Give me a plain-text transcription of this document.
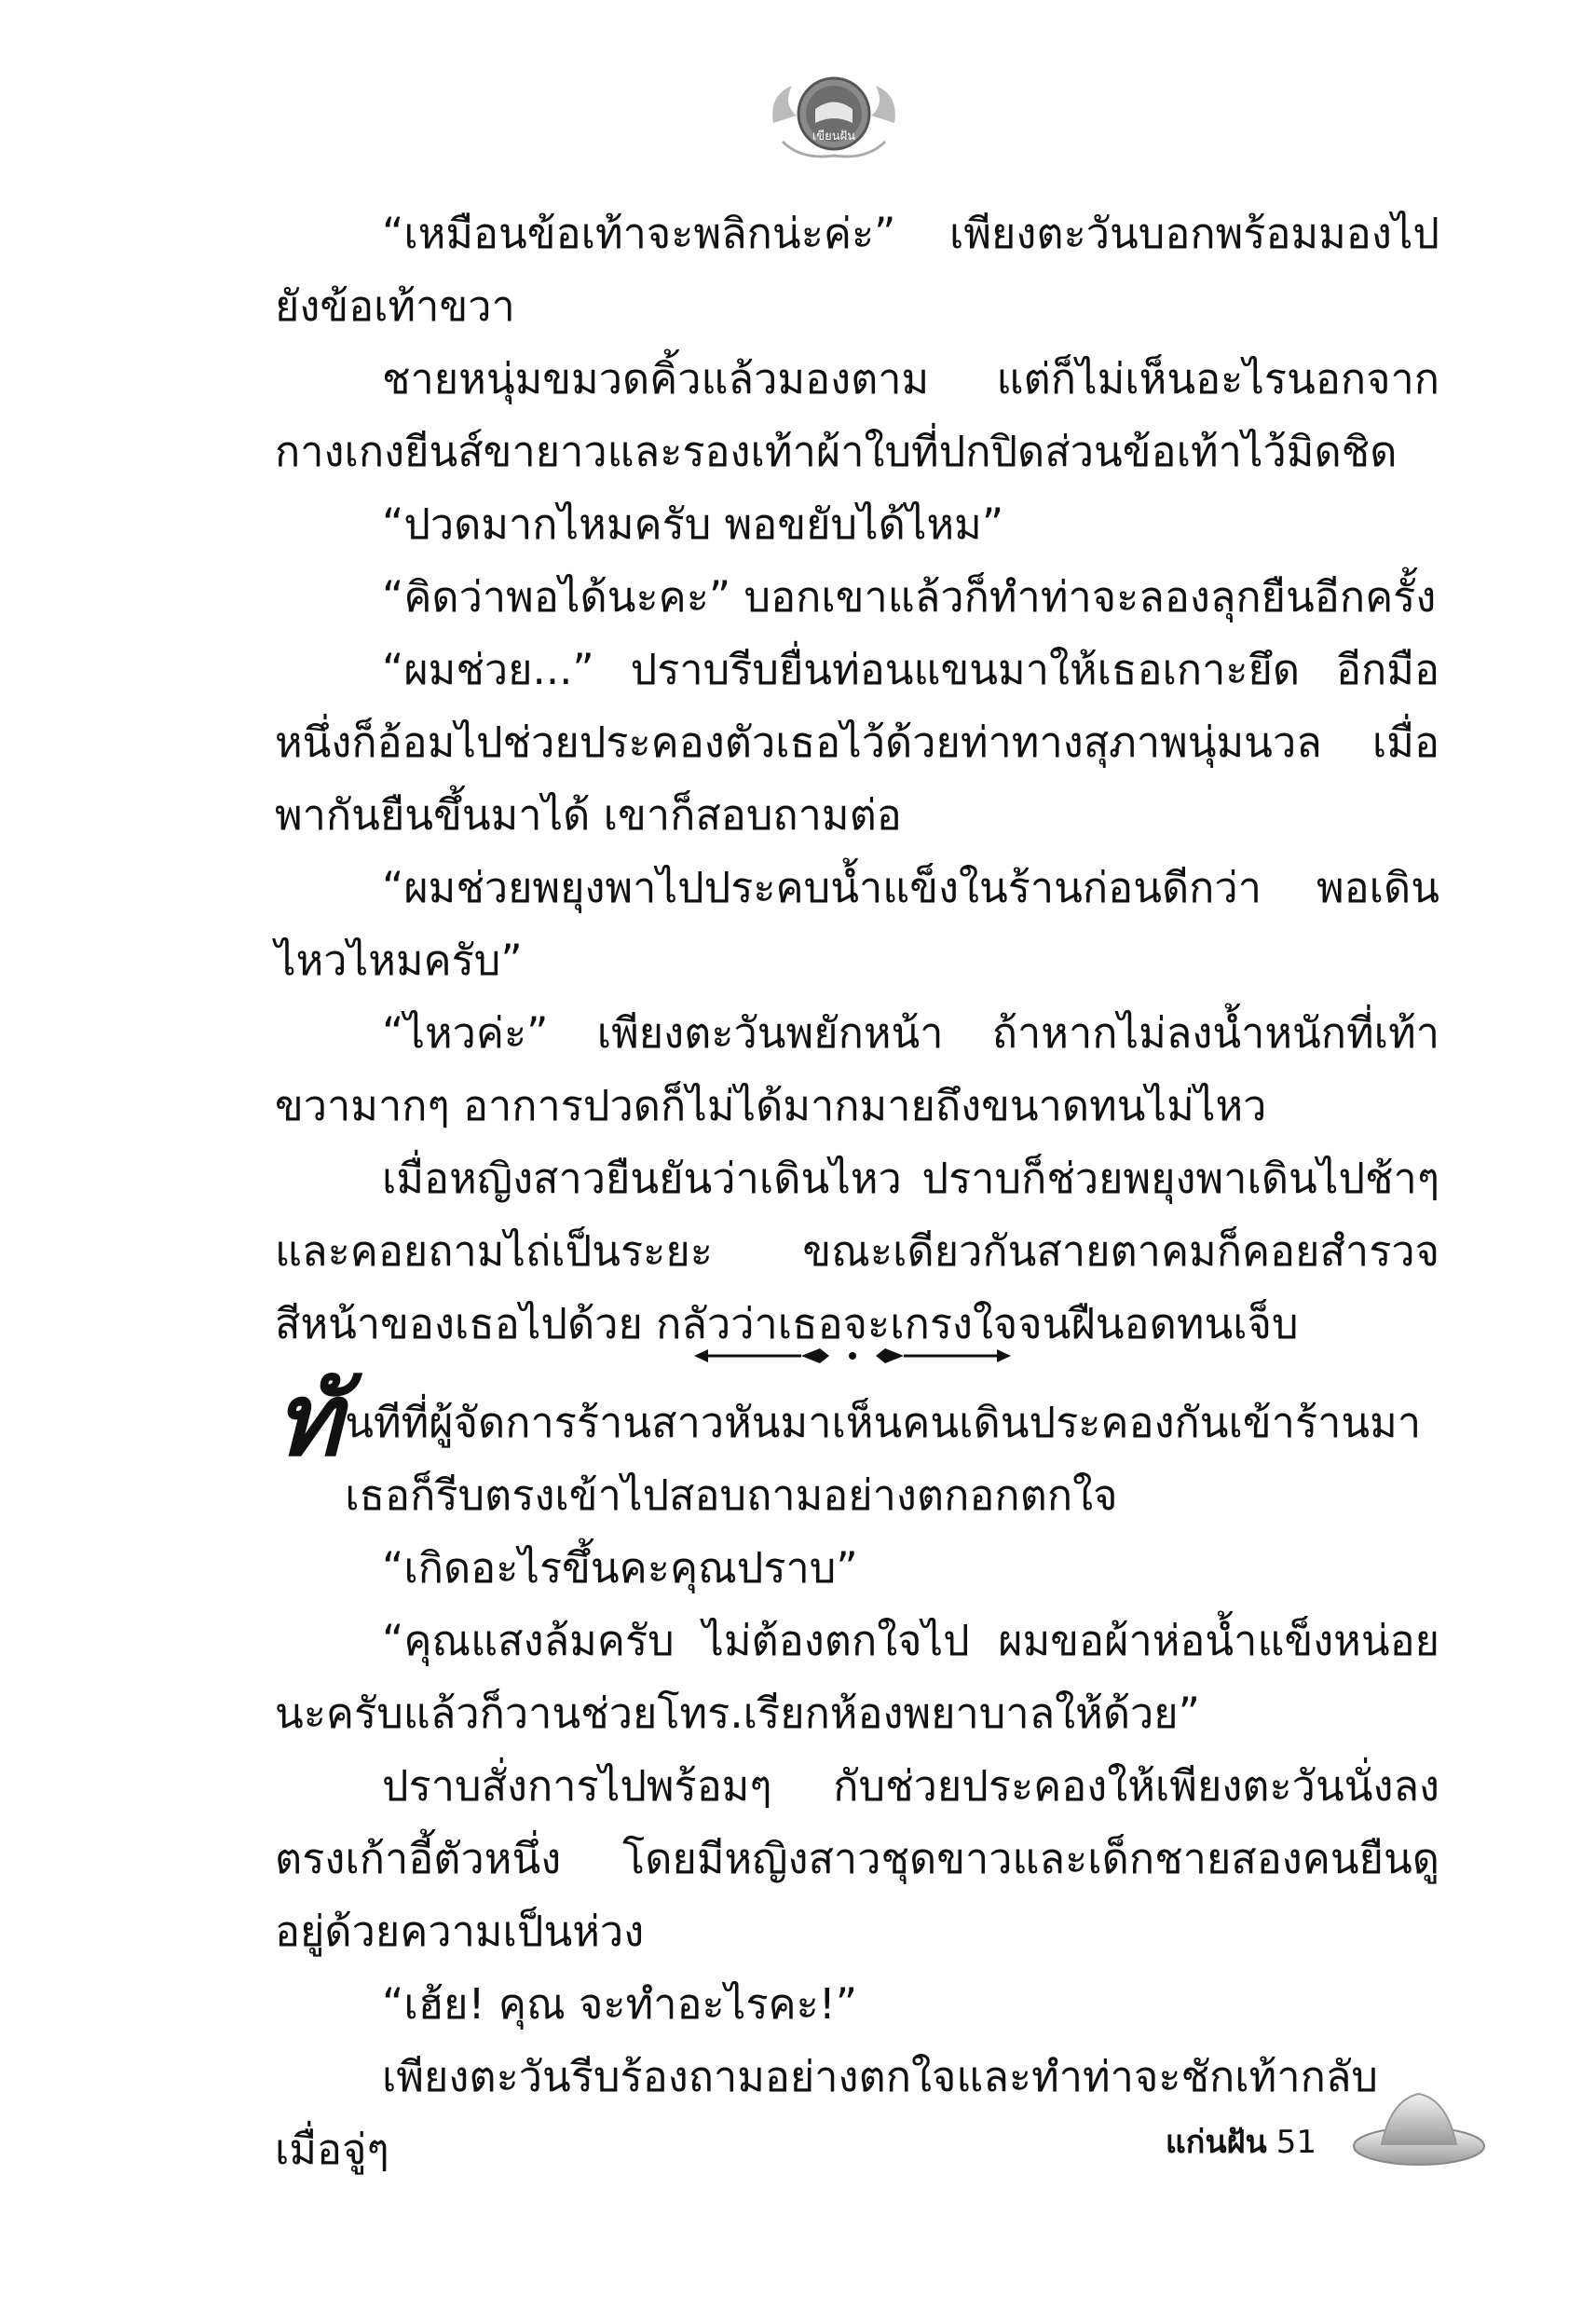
เขียนฝัน

“เหมือนข้อเท้าจะพลิกน่ะค่ะ” เพียงตะวันบอกพร้อมมองไปยังข้อเท้าขวา

ชายหนุ่มขมวดคิ้วแล้วมองตาม แต่ก็ไม่เห็นอะไรนอกจากกางเกงยีนส์ขายาวและรองเท้าผ้าใบที่ปกปิดส่วนข้อเท้าไว้มิดชิด

“ปวดมากไหมครับ พอขยับได้ไหม”

“คิดว่าพอได้นะคะ” บอกเขาแล้วก็ทำท่าจะลองลุกยืนอีกครั้ง

“ผมช่วย...” ปราบรีบยื่นท่อนแขนมาให้เธอเกาะยึด อีกมือหนึ่งก็อ้อมไปช่วยประคองตัวเธอไว้ด้วยท่าทางสุภาพนุ่มนวล เมื่อพากันยืนขึ้นมาได้ เขาก็สอบถามต่อ

“ผมช่วยพยุงพาไปประคบน้ำแข็งในร้านก่อนดีกว่า พอเดินไหวไหมครับ”

“ไหวค่ะ” เพียงตะวันพยักหน้า ถ้าหากไม่ลงน้ำหนักที่เท้าขวามากๆ อาการปวดก็ไม่ได้มากมายถึงขนาดทนไม่ไหว

เมื่อหญิงสาวยืนยันว่าเดินไหว ปราบก็ช่วยพยุงพาเดินไปช้าๆและคอยถามไถ่เป็นระยะ ขณะเดียวกันสายตาคมก็คอยสำรวจสีหน้าของเธอไปด้วย กลัวว่าเธอจะเกรงใจจนฝืนอดทนเจ็บ

ทันทีที่ผู้จัดการร้านสาวหันมาเห็นคนเดินประคองกันเข้าร้านมาเธอก็รีบตรงเข้าไปสอบถามอย่างตกอกตกใจ

“เกิดอะไรขึ้นคะคุณปราบ”

“คุณแสงล้มครับ ไม่ต้องตกใจไป ผมขอผ้าห่อน้ำแข็งหน่อยนะครับแล้วก็วานช่วยโทร.เรียกห้องพยาบาลให้ด้วย”

ปราบสั่งการไปพร้อมๆ กับช่วยประคองให้เพียงตะวันนั่งลงตรงเก้าอี้ตัวหนึ่ง โดยมีหญิงสาวชุดขาวและเด็กชายสองคนยืนดูอยู่ด้วยความเป็นห่วง

“เฮ้ย! คุณ จะทำอะไรคะ!”

เพียงตะวันรีบร้องถามอย่างตกใจและทำท่าจะชักเท้ากลับ เมื่อจู่ๆ	แก่นฝัน 51
